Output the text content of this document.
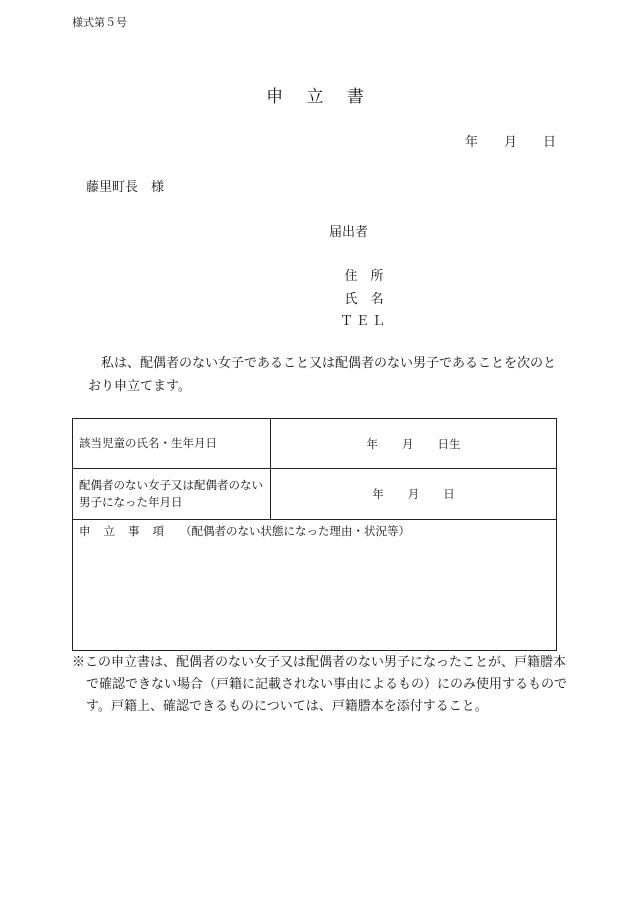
様式第５号
申 立 書
年 月 日
藤里町長　様
届出者
住　所
氏　名
ＴＥＬ
私は、配偶者のない女子であること又は配偶者のない男子であることを次のとおり申立てます。
該当児童の氏名・生年月日	年 月 日生
配偶者のない女子又は配偶者のない男子になった年月日
年 月 日
申 立 事 項 （配偶者のない状態になった理由・状況等）
※この申立書は、配偶者のない女子又は配偶者のない男子になったことが、戸籍謄本で確認できない場合（戸籍に記載されない事由によるもの）にのみ使用するものです。戸籍上、確認できるものについては、戸籍謄本を添付すること。
